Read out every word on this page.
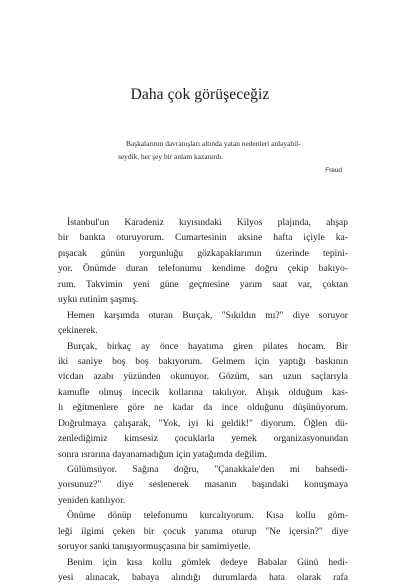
Daha çok görüşeceğiz
Başkalarının davranışları altında yatan nedenleri anlayabil-
seydik, her şey bir anlam kazanırdı.
Freud
İstanbul'un Karadeniz kıyısındaki Kilyos plajında, ahşap
bir bankta oturuyorum. Cumartesinin aksine hafta içiyle ka-
pışacak günün yorgunluğu gözkapaklarımın üzerinde tepini-
yor. Önümde duran telefonumu kendime doğru çekip bakıyo-
rum. Takvimin yeni güne geçmesine yarım saat var, çoktan
uyku rutinim şaşmış.
Hemen karşımda oturan Burçak, "Sıkıldın mı?" diye soruyor
çekinerek.
Burçak, birkaç ay önce hayatıma giren pilates hocam. Bir
iki saniye boş boş bakıyorum. Gelmem için yaptığı baskının
vicdan azabı yüzünden okunuyor. Gözüm, sarı uzun saçlarıyla
kamufle olmuş incecik kollarına takılıyor. Alışık olduğum kas-
lı eğitmenlere göre ne kadar da ince olduğunu düşünüyorum.
Doğrulmaya çalışarak, "Yok, iyi ki geldik!" diyorum. Öğlen dü-
zenlediğimiz kimsesiz çocuklarla yemek organizasyonundan
sonra ısrarına dayanamadığım için yatağımda değilim.
Gülümsüyor. Sağına doğru, "Çanakkale'den mi bahsedi-
yorsunuz?" diye seslenerek masanın başındaki konuşmaya
yeniden katılıyor.
Önüme dönüp telefonumu kurcalıyorum. Kısa kollu göm-
leği ilgimi çeken bir çocuk yanıma oturup "Ne içersin?" diye
soruyor sanki tanışıyormuşçasına bir samimiyetle.
Benim için kısa kollu gömlek dedeye Babalar Günü hedi-
yesi alınacak, babaya alındığı durumlarda hata olarak rafa
